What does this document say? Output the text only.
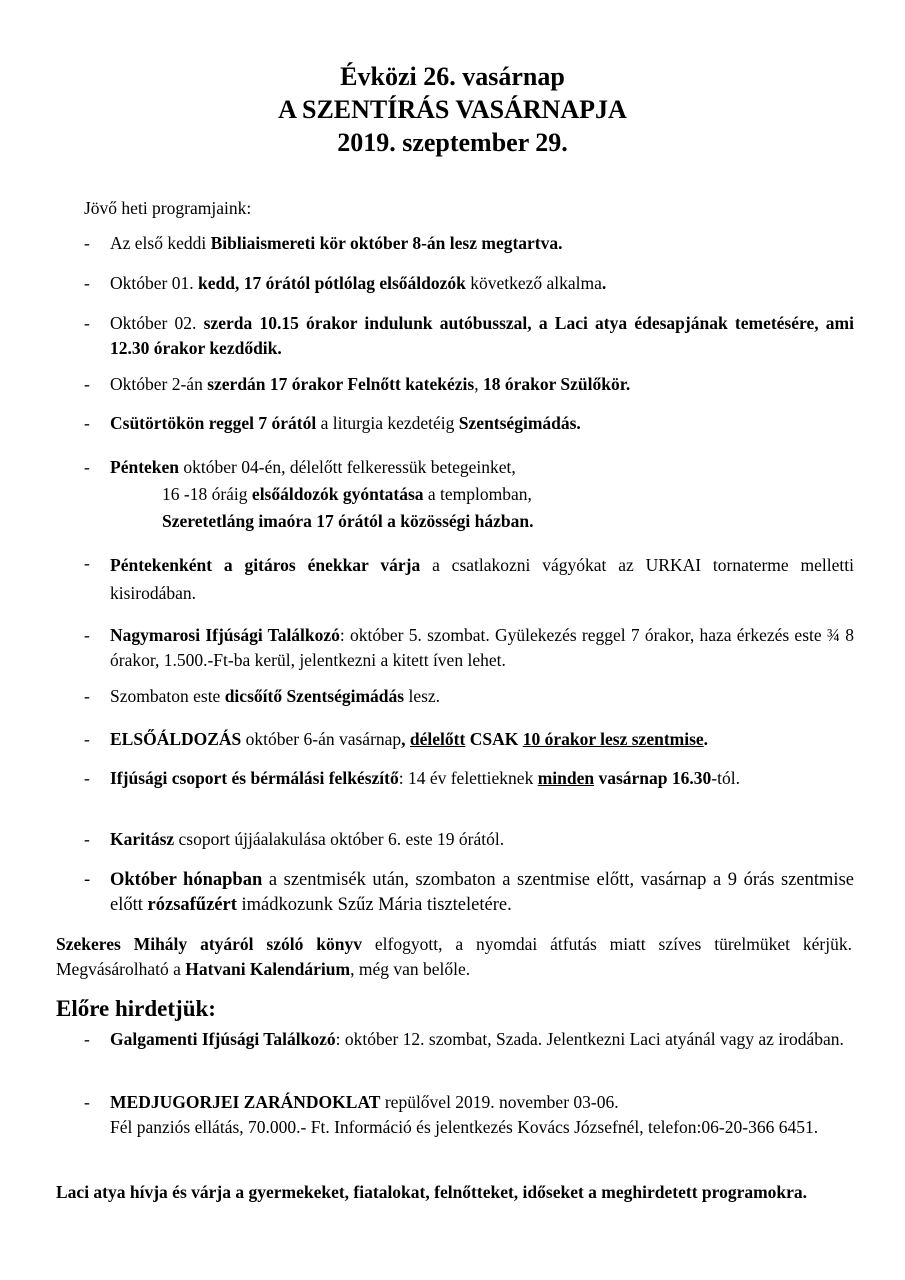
Évközi 26. vasárnap
A SZENTÍRÁS VASÁRNAPJA
2019. szeptember 29.
Jövő heti programjaink:
-	Az első keddi Bibliaismereti kör október 8-án lesz megtartva.
-	Október 01. kedd, 17 órától pótlólag elsőáldozók következő alkalma.
-	Október 02. szerda 10.15 órakor indulunk autóbusszal, a Laci atya édesapjának temetésére, ami 12.30 órakor kezdődik.
-	Október 2-án szerdán 17 órakor Felnőtt katekézis, 18 órakor Szülőkör.
-	Csütörtökön reggel 7 órától a liturgia kezdetéig Szentségimádás.
-	Pénteken október 04-én, délelőtt felkeressük betegeinket,
16 -18 óráig elsőáldozók gyóntatása a templomban,
Szeretetláng imaóra 17 órától a közösségi házban.
-	Péntekenként a gitáros énekkar várja a csatlakozni vágyókat az URKAI tornaterme melletti kisirodában.
-	Nagymarosi Ifjúsági Találkozó: október 5. szombat. Gyülekezés reggel 7 órakor, haza érkezés este ¾ 8 órakor, 1.500.-Ft-ba kerül, jelentkezni a kitett íven lehet.
-	Szombaton este dicsőítő Szentségimádás lesz.
-	ELSŐÁLDOZÁS október 6-án vasárnap, délelőtt CSAK 10 órakor lesz szentmise.
-	Ifjúsági csoport és bérmálási felkészítő: 14 év felettieknek minden vasárnap 16.30-tól.
-	Karitász csoport újjáalakulása október 6. este 19 órától.
-	Október hónapban a szentmisék után, szombaton a szentmise előtt, vasárnap a 9 órás szentmise előtt rózsafűzért imádkozunk Szűz Mária tiszteletére.
Szekeres Mihály atyáról szóló könyv elfogyott, a nyomdai átfutás miatt szíves türelmüket kérjük. Megvásárolható a Hatvani Kalendárium, még van belőle.
Előre hirdetjük:
-	Galgamenti Ifjúsági Találkozó: október 12. szombat, Szada. Jelentkezni Laci atyánál vagy az irodában.
-	MEDJUGORJEI ZARÁNDOKLAT repülővel 2019. november 03-06.
Fél panziós ellátás, 70.000.- Ft. Információ és jelentkezés Kovács Józsefnél, telefon:06-20-366 6451.
Laci atya hívja és várja a gyermekeket, fiatalokat, felnőtteket, időseket a meghirdetett programokra.
